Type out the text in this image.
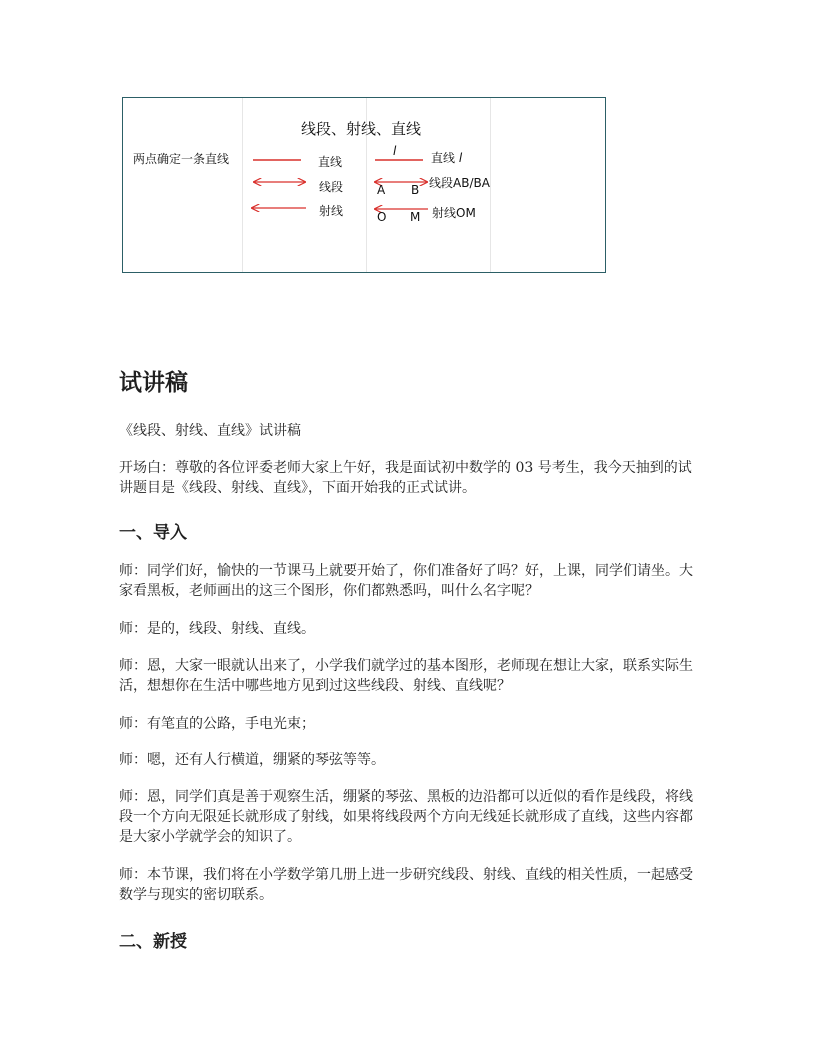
线段、射线、直线
两点确定一条直线	直线
线段
射线
l	直线 l
A B 线段AB/BA
O M 射线OM
试讲稿
《线段、射线、直线》试讲稿
开场白：尊敬的各位评委老师大家上午好，我是面试初中数学的 03 号考生，我今天抽到的试讲题目是《线段、射线、直线》，下面开始我的正式试讲。
一、导入
师：同学们好，愉快的一节课马上就要开始了，你们准备好了吗？好，上课，同学们请坐。大家看黑板，老师画出的这三个图形，你们都熟悉吗，叫什么名字呢？
师：是的，线段、射线、直线。
师：恩，大家一眼就认出来了，小学我们就学过的基本图形，老师现在想让大家，联系实际生活，想想你在生活中哪些地方见到过这些线段、射线、直线呢？
师：有笔直的公路，手电光束；
师：嗯，还有人行横道，绷紧的琴弦等等。
师：恩，同学们真是善于观察生活，绷紧的琴弦、黑板的边沿都可以近似的看作是线段，将线段一个方向无限延长就形成了射线，如果将线段两个方向无线延长就形成了直线，这些内容都是大家小学就学会的知识了。
师：本节课，我们将在小学数学第几册上进一步研究线段、射线、直线的相关性质，一起感受数学与现实的密切联系。
二、新授
